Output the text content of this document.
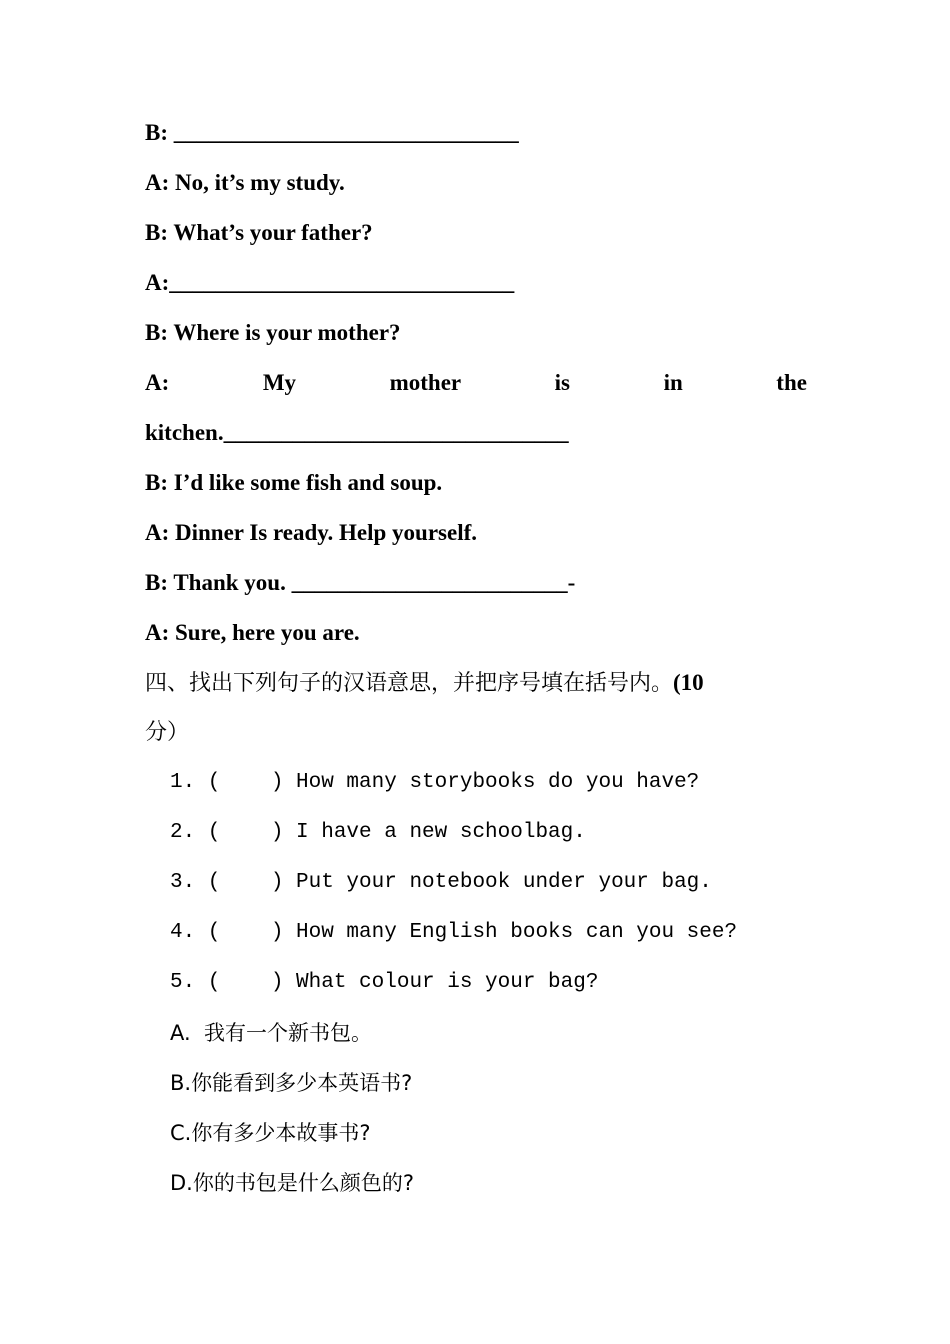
B: ______________________________
A: No, it’s my study.
B: What’s your father?
A:______________________________
B: Where is your mother?
A:	My	mother	is	in	the
kitchen.______________________________
B: I’d like some fish and soup.
A: Dinner Is ready. Help yourself.
B: Thank you. ________________________-
A: Sure, here you are.
四、找出下列句子的汉语意思，并把序号填在括号内。(10
分）
1. (    ) How many storybooks do you have?
2. (    ) I have a new schoolbag.
3. (    ) Put your notebook under your bag.
4. (    ) How many English books can you see?
5. (    ) What colour is your bag?
A.  我有一个新书包。
B.你能看到多少本英语书?
C.你有多少本故事书?
D.你的书包是什么颜色的?
